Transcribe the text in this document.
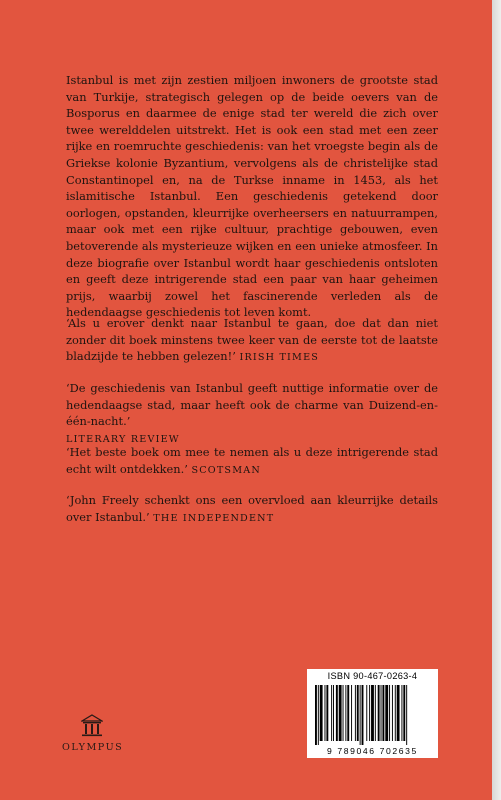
Istanbul is met zijn zestien miljoen inwoners de grootste stad van Turkije, strategisch gelegen op de beide oevers van de Bosporus en daarmee de enige stad ter wereld die zich over twee werelddelen uitstrekt. Het is ook een stad met een zeer rijke en roemruchte geschiedenis: van het vroegste begin als de Griekse kolonie Byzantium, vervolgens als de christelijke stad Constantinopel en, na de Turkse inname in 1453, als het islamitische Istanbul. Een geschiedenis getekend door oorlogen, opstanden, kleurrijke overheersers en natuurrampen, maar ook met een rijke cultuur, prachtige gebouwen, even betoverende als mysterieuze wijken en een unieke atmosfeer. In deze biografie over Istanbul wordt haar geschiedenis ontsloten en geeft deze intrigerende stad een paar van haar geheimen prijs, waarbij zowel het fascinerende verleden als de hedendaagse geschiedenis tot leven komt.

‘Als u erover denkt naar Istanbul te gaan, doe dat dan niet zonder dit boek minstens twee keer van de eerste tot de laatste bladzijde te hebben gelezen!’ IRISH TIMES

‘De geschiedenis van Istanbul geeft nuttige informatie over de hedendaagse stad, maar heeft ook de charme van Duizend-en-één-nacht.’
LITERARY REVIEW

‘Het beste boek om mee te nemen als u deze intrigerende stad echt wilt ontdekken.’ SCOTSMAN

‘John Freely schenkt ons een overvloed aan kleurrijke details over Istanbul.’ THE INDEPENDENT

OLYMPUS
ISBN 90-467-0263-4
9 789046 702635
